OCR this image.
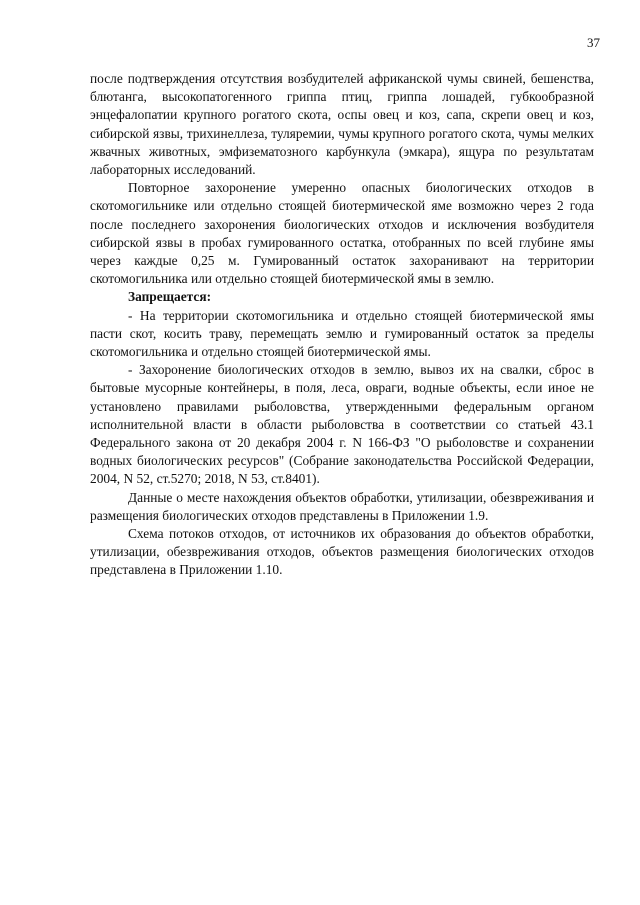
37

после подтверждения отсутствия возбудителей африканской чумы свиней, бешенства, блютанга, высокопатогенного гриппа птиц, гриппа лошадей, губкообразной энцефалопатии крупного рогатого скота, оспы овец и коз, сапа, скрепи овец и коз, сибирской язвы, трихинеллеза, туляремии, чумы крупного рогатого скота, чумы мелких жвачных животных, эмфизематозного карбункула (эмкара), ящура по результатам лабораторных исследований.

Повторное захоронение умеренно опасных биологических отходов в скотомогильнике или отдельно стоящей биотермической яме возможно через 2 года после последнего захоронения биологических отходов и исключения возбудителя сибирской язвы в пробах гумированного остатка, отобранных по всей глубине ямы через каждые 0,25 м. Гумированный остаток захоранивают на территории скотомогильника или отдельно стоящей биотермической ямы в землю.

Запрещается:

- На территории скотомогильника и отдельно стоящей биотермической ямы пасти скот, косить траву, перемещать землю и гумированный остаток за пределы скотомогильника и отдельно стоящей биотермической ямы.

- Захоронение биологических отходов в землю, вывоз их на свалки, сброс в бытовые мусорные контейнеры, в поля, леса, овраги, водные объекты, если иное не установлено правилами рыболовства, утвержденными федеральным органом исполнительной власти в области рыболовства в соответствии со статьей 43.1 Федерального закона от 20 декабря 2004 г. N 166-ФЗ "О рыболовстве и сохранении водных биологических ресурсов" (Собрание законодательства Российской Федерации, 2004, N 52, ст.5270; 2018, N 53, ст.8401).

Данные о месте нахождения объектов обработки, утилизации, обезвреживания и размещения биологических отходов представлены в Приложении 1.9.

Схема потоков отходов, от источников их образования до объектов обработки, утилизации, обезвреживания отходов, объектов размещения биологических отходов представлена в Приложении 1.10.
